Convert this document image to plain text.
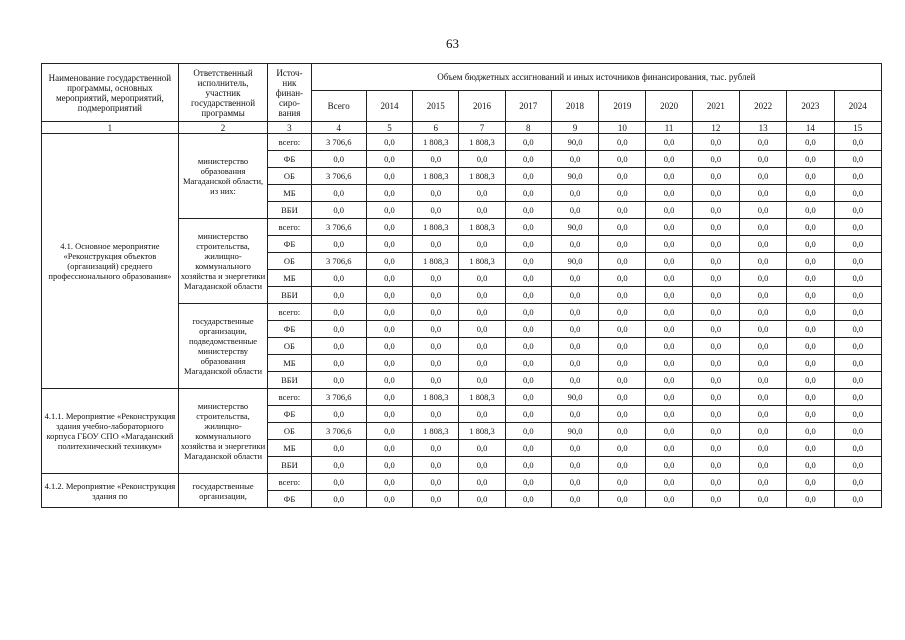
63
Наименование государственной программы, основных мероприятий, мероприятий, подмероприятий	Ответственный исполнитель, участник государственной программы	Источ-ник финан-сиро-вания	Объем бюджетных ассигнований и иных источников финансирования, тыс. рублей											
			Всего	2014	2015	2016	2017	2018	2019	2020	2021	2022	2023	2024
1	2	3	4	5	6	7	8	9	10	11	12	13	14	15
4.1. Основное мероприятие «Реконструкция объектов (организаций) среднего профессионального образования»	министерство образования Магаданской области, из них:	всего:	3 706,6	0,0	1 808,3	1 808,3	0,0	90,0	0,0	0,0	0,0	0,0	0,0	0,0
		ФБ	0,0	0,0	0,0	0,0	0,0	0,0	0,0	0,0	0,0	0,0	0,0	0,0
		ОБ	3 706,6	0,0	1 808,3	1 808,3	0,0	90,0	0,0	0,0	0,0	0,0	0,0	0,0
		МБ	0,0	0,0	0,0	0,0	0,0	0,0	0,0	0,0	0,0	0,0	0,0	0,0
		ВБИ	0,0	0,0	0,0	0,0	0,0	0,0	0,0	0,0	0,0	0,0	0,0	0,0
	министерство строительства, жилищно-коммунального хозяйства и энергетики Магаданской области	всего:	3 706,6	0,0	1 808,3	1 808,3	0,0	90,0	0,0	0,0	0,0	0,0	0,0	0,0
		ФБ	0,0	0,0	0,0	0,0	0,0	0,0	0,0	0,0	0,0	0,0	0,0	0,0
		ОБ	3 706,6	0,0	1 808,3	1 808,3	0,0	90,0	0,0	0,0	0,0	0,0	0,0	0,0
		МБ	0,0	0,0	0,0	0,0	0,0	0,0	0,0	0,0	0,0	0,0	0,0	0,0
		ВБИ	0,0	0,0	0,0	0,0	0,0	0,0	0,0	0,0	0,0	0,0	0,0	0,0
	государственные организации, подведомственные министерству образования Магаданской области	всего:	0,0	0,0	0,0	0,0	0,0	0,0	0,0	0,0	0,0	0,0	0,0	0,0
		ФБ	0,0	0,0	0,0	0,0	0,0	0,0	0,0	0,0	0,0	0,0	0,0	0,0
		ОБ	0,0	0,0	0,0	0,0	0,0	0,0	0,0	0,0	0,0	0,0	0,0	0,0
		МБ	0,0	0,0	0,0	0,0	0,0	0,0	0,0	0,0	0,0	0,0	0,0	0,0
		ВБИ	0,0	0,0	0,0	0,0	0,0	0,0	0,0	0,0	0,0	0,0	0,0	0,0
4.1.1. Мероприятие «Реконструкция здания учебно-лабораторного корпуса ГБОУ СПО «Магаданский политехнический техникум»	министерство строительства, жилищно-коммунального хозяйства и энергетики Магаданской области	всего:	3 706,6	0,0	1 808,3	1 808,3	0,0	90,0	0,0	0,0	0,0	0,0	0,0	0,0
		ФБ	0,0	0,0	0,0	0,0	0,0	0,0	0,0	0,0	0,0	0,0	0,0	0,0
		ОБ	3 706,6	0,0	1 808,3	1 808,3	0,0	90,0	0,0	0,0	0,0	0,0	0,0	0,0
		МБ	0,0	0,0	0,0	0,0	0,0	0,0	0,0	0,0	0,0	0,0	0,0	0,0
		ВБИ	0,0	0,0	0,0	0,0	0,0	0,0	0,0	0,0	0,0	0,0	0,0	0,0
4.1.2. Мероприятие «Реконструкция здания по	государственные организации,	всего:	0,0	0,0	0,0	0,0	0,0	0,0	0,0	0,0	0,0	0,0	0,0	0,0
		ФБ	0,0	0,0	0,0	0,0	0,0	0,0	0,0	0,0	0,0	0,0	0,0	0,0
